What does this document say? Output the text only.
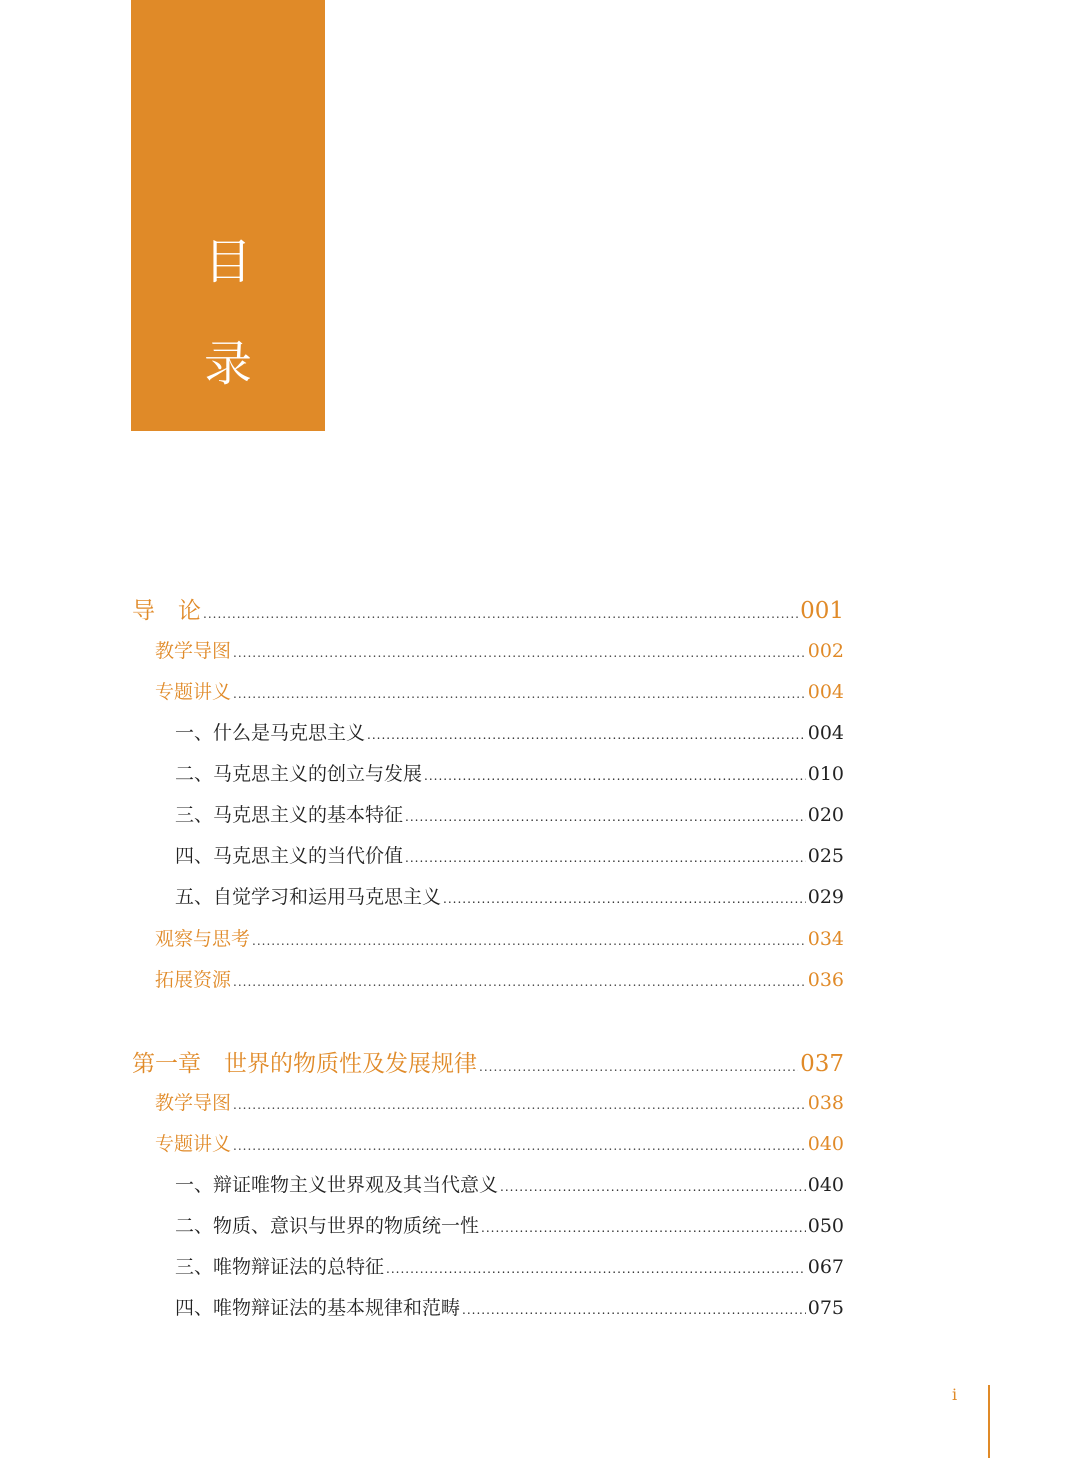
目
录
导　论 .....	001
教学导图 .....	002
专题讲义 .....	004
一、什么是马克思主义 .....	004
二、马克思主义的创立与发展 .....	010
三、马克思主义的基本特征 .....	020
四、马克思主义的当代价值 .....	025
五、自觉学习和运用马克思主义 .....	029
观察与思考 .....	034
拓展资源 .....	036
第一章　世界的物质性及发展规律 .....	037
教学导图 .....	038
专题讲义 .....	040
一、辩证唯物主义世界观及其当代意义 .....	040
二、物质、意识与世界的物质统一性 .....	050
三、唯物辩证法的总特征 .....	067
四、唯物辩证法的基本规律和范畴 .....	075
i
